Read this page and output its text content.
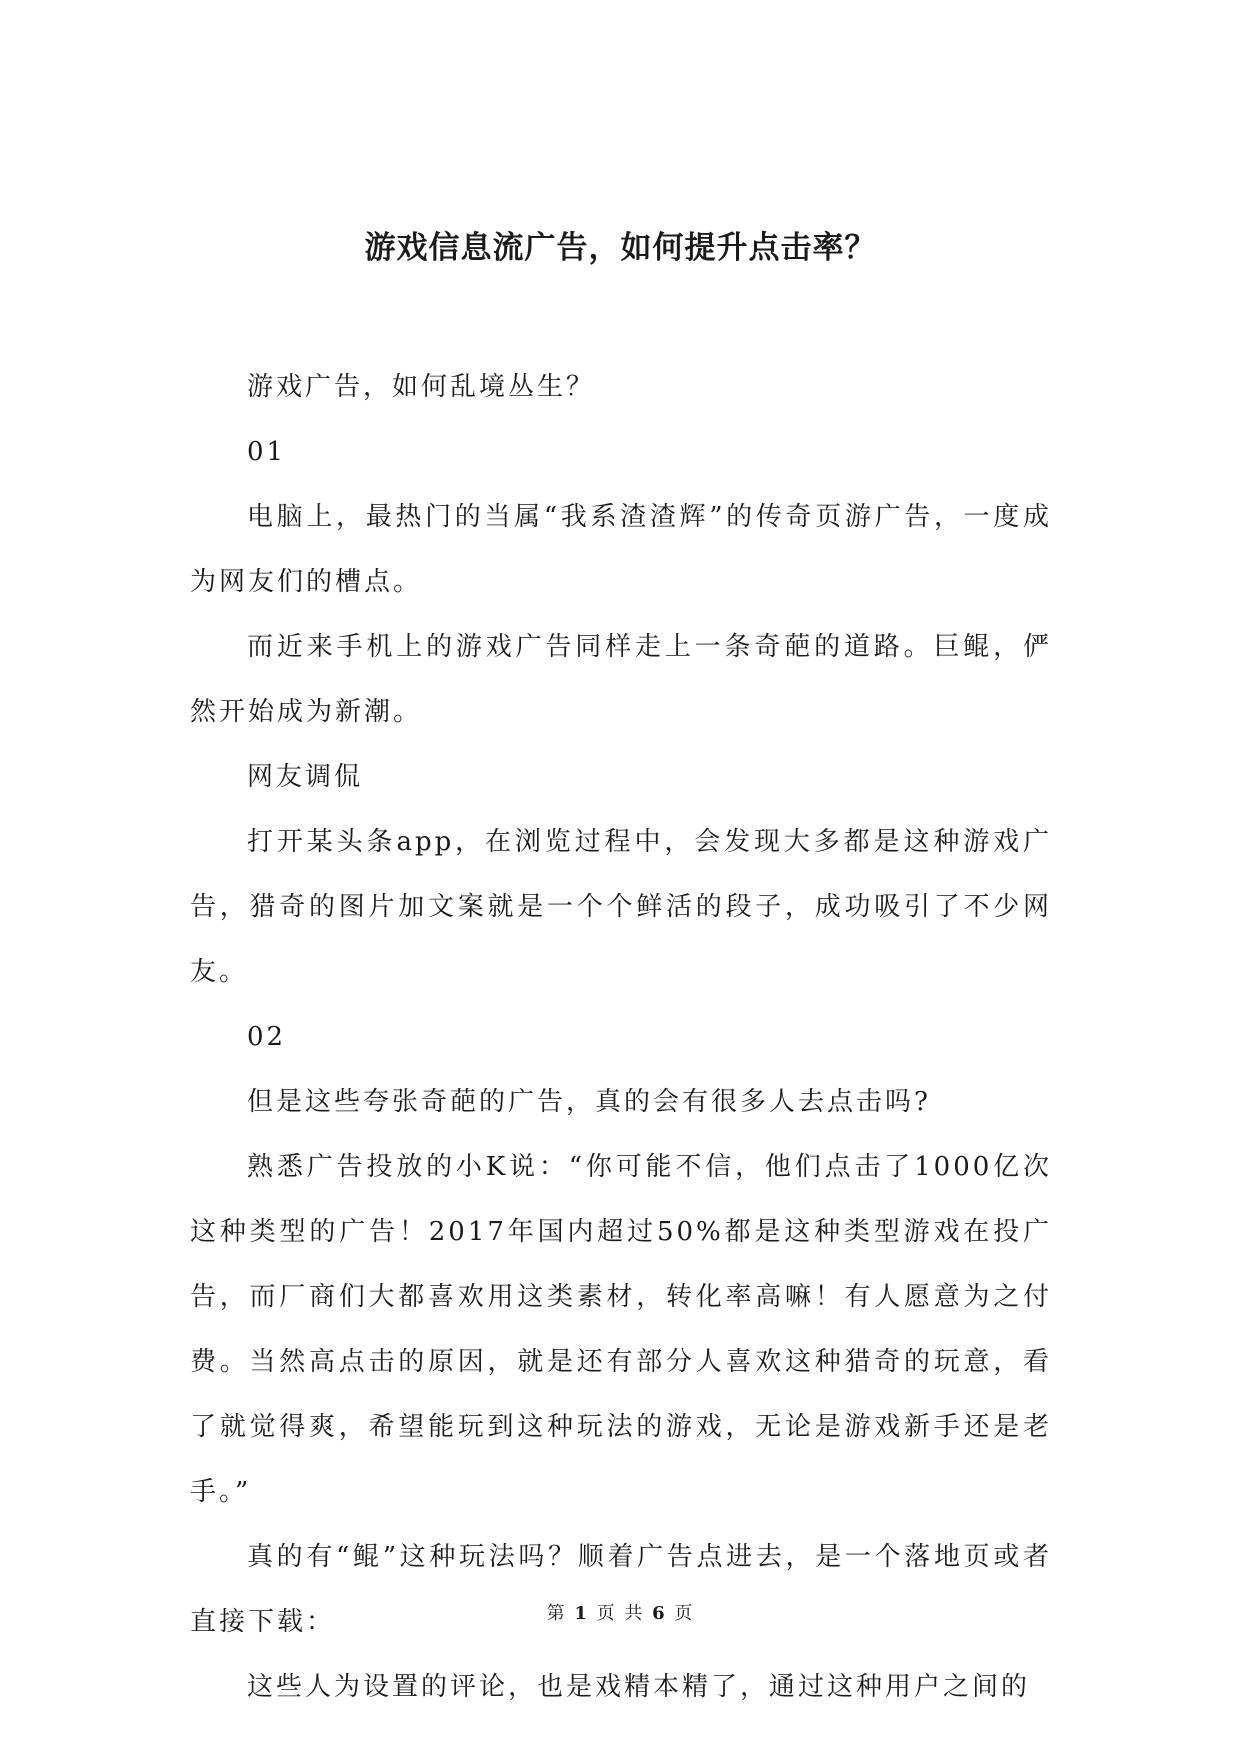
游戏信息流广告，如何提升点击率？

游戏广告，如何乱境丛生？

01

电脑上，最热门的当属“我系渣渣辉”的传奇页游广告，一度成为网友们的槽点。

而近来手机上的游戏广告同样走上一条奇葩的道路。巨鲲，俨然开始成为新潮。

网友调侃

打开某头条app，在浏览过程中，会发现大多都是这种游戏广告，猎奇的图片加文案就是一个个鲜活的段子，成功吸引了不少网友。

02

但是这些夸张奇葩的广告，真的会有很多人去点击吗?

熟悉广告投放的小K说：“你可能不信，他们点击了1000亿次这种类型的广告！2017年国内超过50%都是这种类型游戏在投广告，而厂商们大都喜欢用这类素材，转化率高嘛！有人愿意为之付费。当然高点击的原因，就是还有部分人喜欢这种猎奇的玩意，看了就觉得爽，希望能玩到这种玩法的游戏，无论是游戏新手还是老手。”

真的有“鲲”这种玩法吗？顺着广告点进去，是一个落地页或者直接下载：

这些人为设置的评论，也是戏精本精了，通过这种用户之间的

第 1 页 共 6 页
